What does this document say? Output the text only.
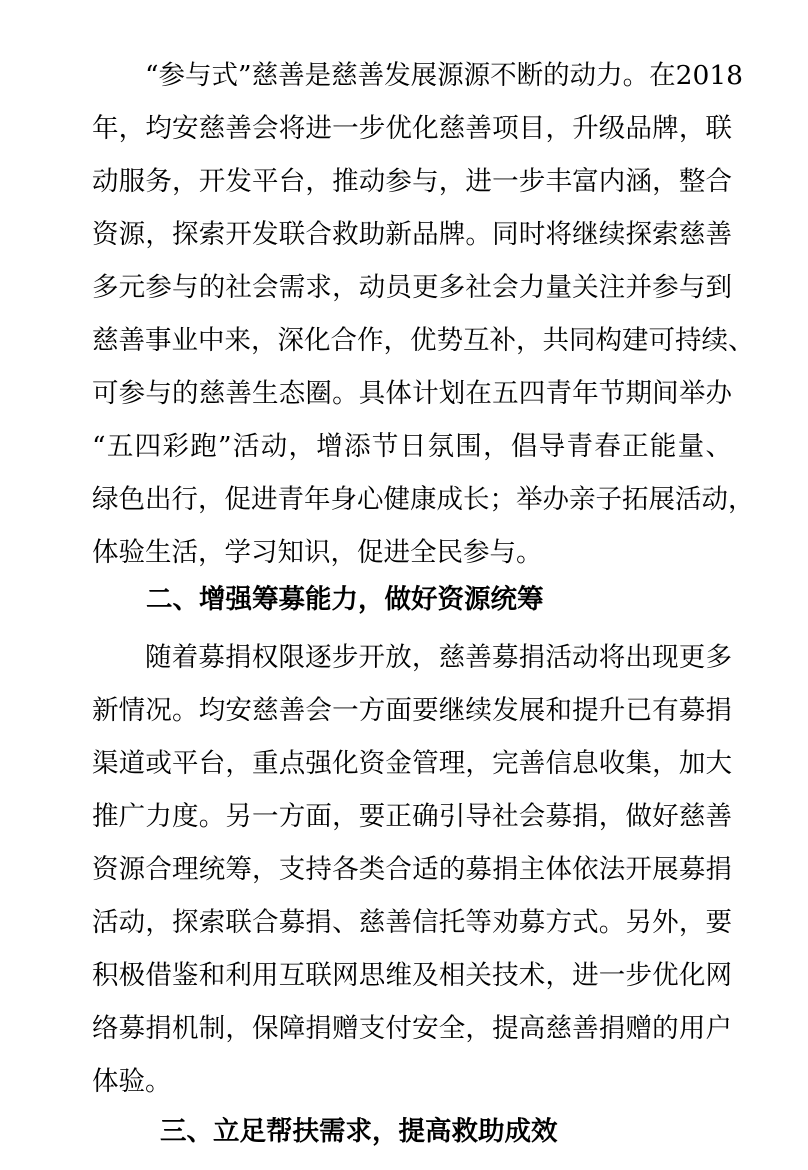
“参与式”慈善是慈善发展源源不断的动力。在2018
年，均安慈善会将进一步优化慈善项目，升级品牌，联
动服务，开发平台，推动参与，进一步丰富内涵，整合
资源，探索开发联合救助新品牌。同时将继续探索慈善
多元参与的社会需求，动员更多社会力量关注并参与到
慈善事业中来，深化合作，优势互补，共同构建可持续、
可参与的慈善生态圈。具体计划在五四青年节期间举办
“五四彩跑”活动，增添节日氛围，倡导青春正能量、
绿色出行，促进青年身心健康成长；举办亲子拓展活动，
体验生活，学习知识，促进全民参与。
二、增强筹募能力，做好资源统筹
随着募捐权限逐步开放，慈善募捐活动将出现更多
新情况。均安慈善会一方面要继续发展和提升已有募捐
渠道或平台，重点强化资金管理，完善信息收集，加大
推广力度。另一方面，要正确引导社会募捐，做好慈善
资源合理统筹，支持各类合适的募捐主体依法开展募捐
活动，探索联合募捐、慈善信托等劝募方式。另外，要
积极借鉴和利用互联网思维及相关技术，进一步优化网
络募捐机制，保障捐赠支付安全，提高慈善捐赠的用户
体验。
三、立足帮扶需求，提高救助成效
